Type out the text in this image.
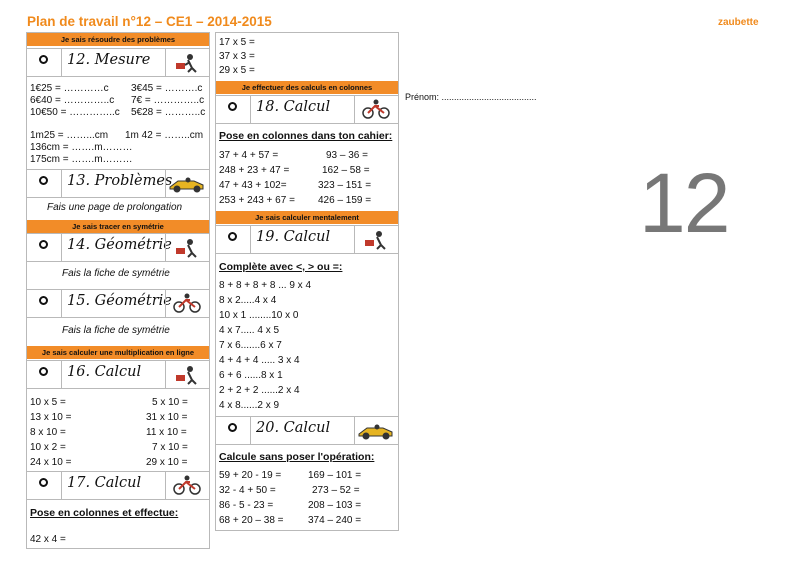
Plan de travail n°12 – CE1 – 2014-2015	zaubette
Je sais résoudre des problèmes
12. Mesure
1€25 = …………c 3€45 = ……….c
6€40 = …………..c 7€ = …………..c
10€50 = …………..c 5€28 = ………..c
1m25 = ……...cm 1m 42 = ……..cm
136cm = …….m………
175cm = …….m………
13. Problèmes
Fais une page de prolongation
Je sais tracer en symétrie
14. Géométrie
Fais la fiche de symétrie
15. Géométrie
Fais la fiche de symétrie
Je sais calculer une multiplication en ligne
16. Calcul
10 x 5 =	5 x 10 =
13 x 10 =	31 x 10 =
8 x 10 =	11 x 10 =
10 x 2 =	7 x 10 =
24 x 10 =	29 x 10 =
17. Calcul
Pose en colonnes et effectue:
42 x 4 =
17 x 5 =
37 x 3 =
29 x 5 =
Je effectuer des calculs en colonnes
18. Calcul
Pose en colonnes dans ton cahier:
37 + 4 + 57 =	93 – 36 =
248 + 23 + 47 =	162 – 58 =
47 + 43 + 102=	323 – 151 =
253 + 243 + 67 = 426 – 159 =
Je sais calculer mentalement
19. Calcul
Complète avec <, > ou =:
8 + 8 + 8 + 8 ... 9 x 4
8 x 2.....4 x 4
10 x 1 ........10 x 0
4 x 7..... 4 x 5
7 x 6.......6 x 7
4 + 4 + 4 ..... 3 x 4
6 + 6 ......8 x 1
2 + 2 + 2 ......2 x 4
4 x 8......2 x 9
20. Calcul
Calcule sans poser l'opération:
59 + 20 - 19 =	169 – 101 =
32 - 4 + 50 =	273 – 52 =
86 - 5 - 23 =	208 – 103 =
68 + 20 – 38 = 374 – 240 =
Prénom: ......................................
12
